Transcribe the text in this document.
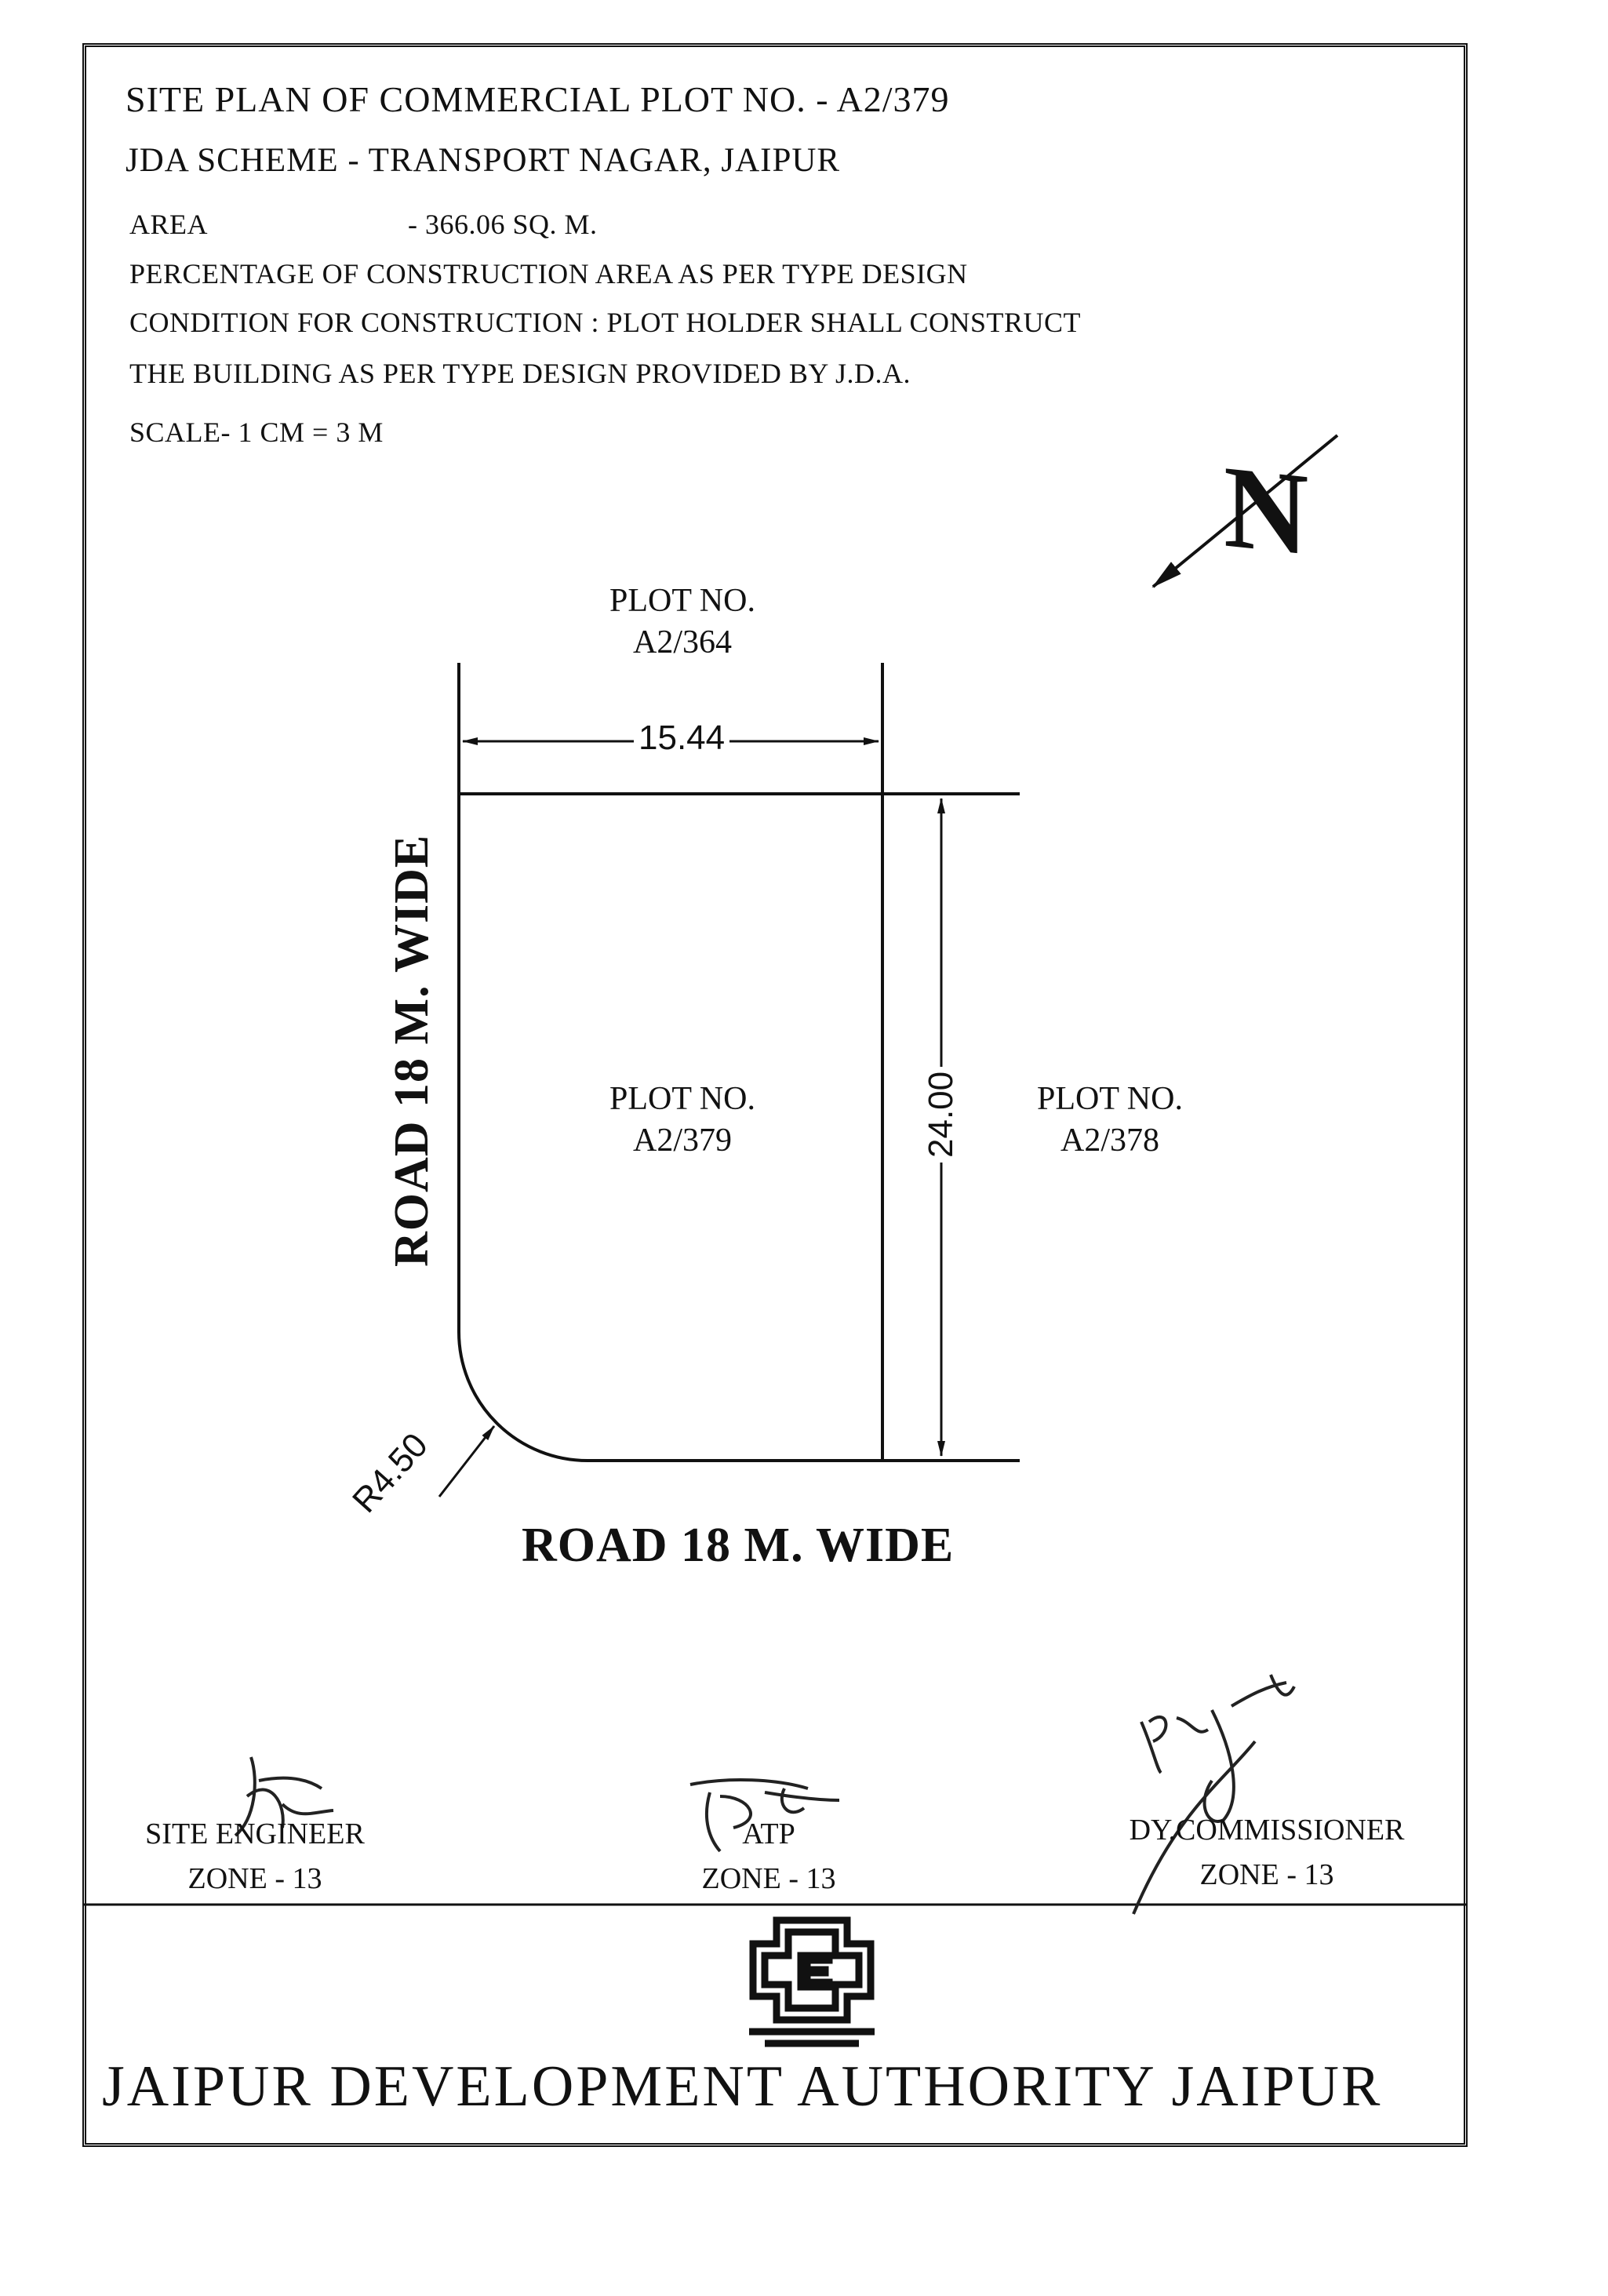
SITE PLAN OF COMMERCIAL PLOT NO. - A2/379
JDA SCHEME - TRANSPORT NAGAR, JAIPUR
AREA	- 366.06 SQ. M.
PERCENTAGE OF CONSTRUCTION AREA AS PER TYPE DESIGN
CONDITION FOR CONSTRUCTION : PLOT HOLDER SHALL CONSTRUCT
THE BUILDING AS PER TYPE DESIGN PROVIDED BY J.D.A.
SCALE- 1 CM = 3 M
N
PLOT NO.
A2/364
PLOT NO.
A2/379
PLOT NO.
A2/378
15.44
24.00
R4.50
ROAD 18 M. WIDE
ROAD 18 M. WIDE
SITE ENGINEER
ZONE - 13
ATP
ZONE - 13
DY.COMMISSIONER
ZONE - 13
JAIPUR DEVELOPMENT AUTHORITY JAIPUR
